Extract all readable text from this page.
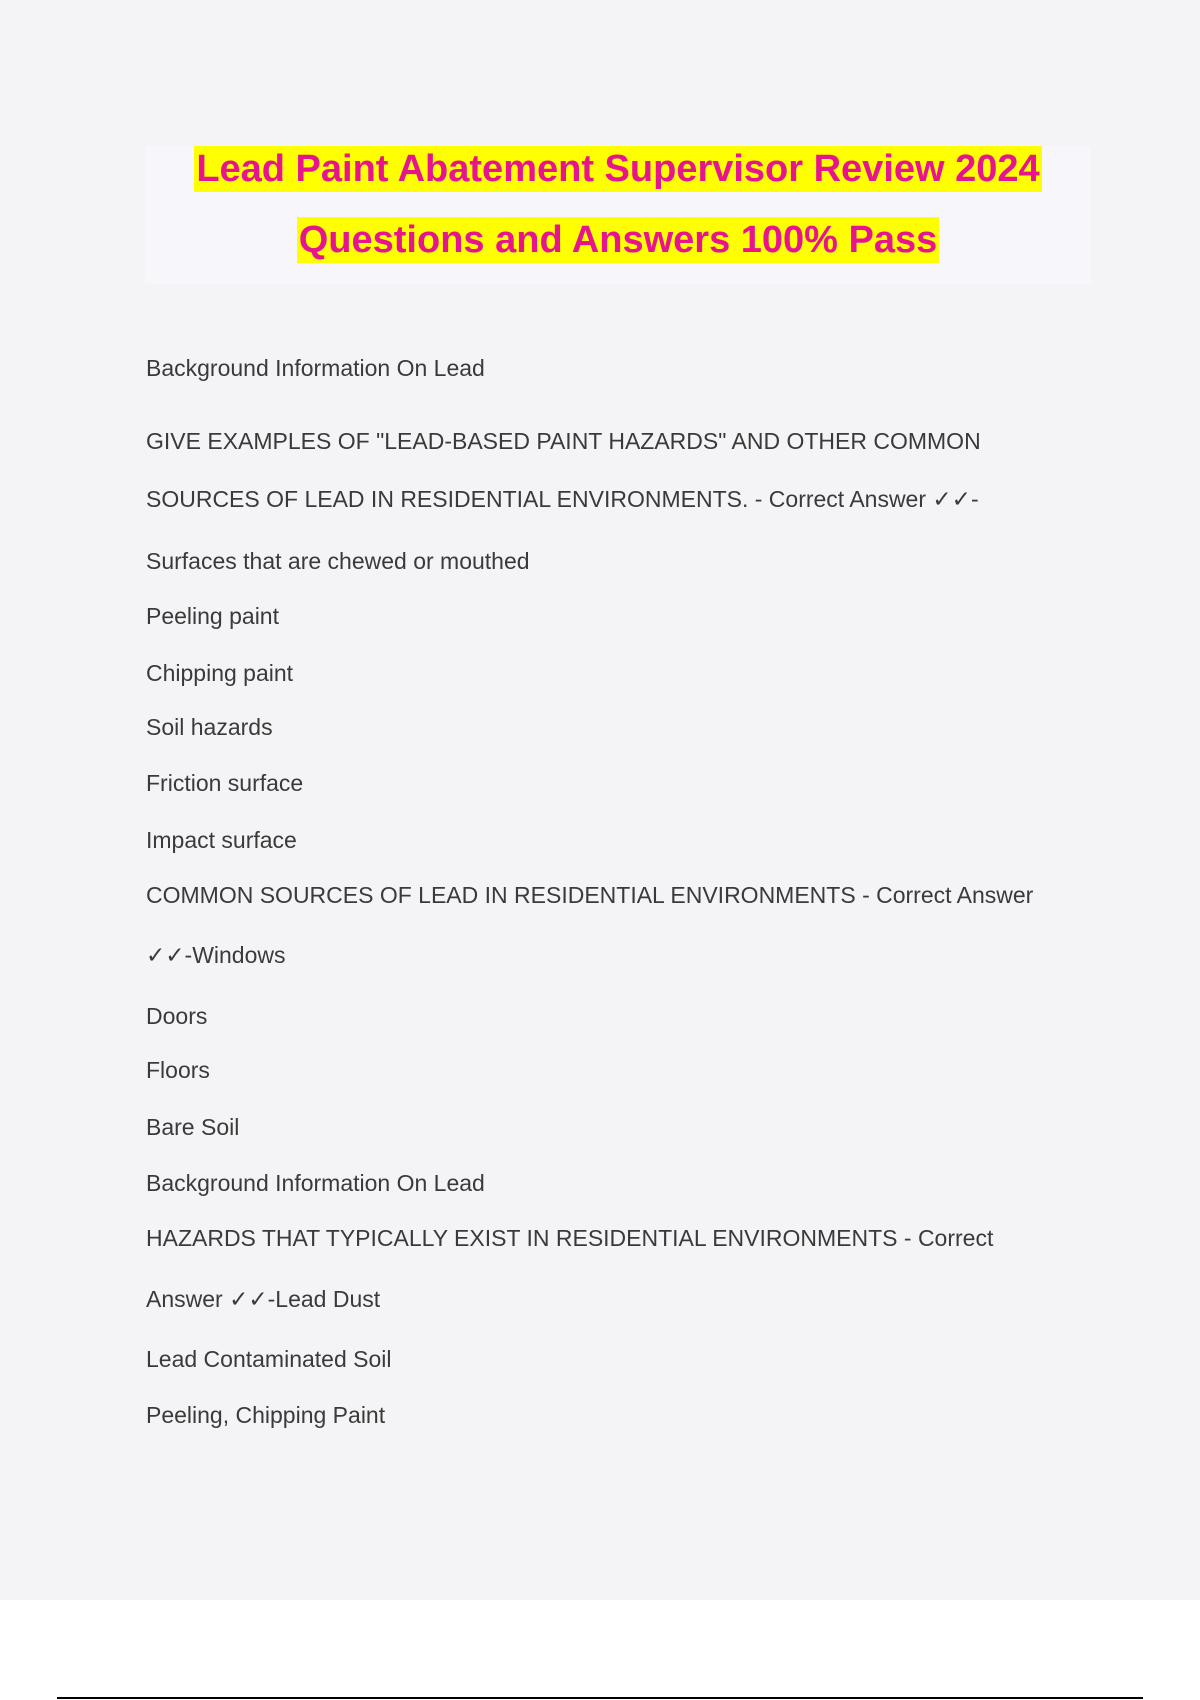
Lead Paint Abatement Supervisor Review 2024
Questions and Answers 100% Pass
Background Information On Lead
GIVE EXAMPLES OF "LEAD-BASED PAINT HAZARDS" AND OTHER COMMON
SOURCES OF LEAD IN RESIDENTIAL ENVIRONMENTS. - Correct Answer ✓✓-
Surfaces that are chewed or mouthed
Peeling paint
Chipping paint
Soil hazards
Friction surface
Impact surface
COMMON SOURCES OF LEAD IN RESIDENTIAL ENVIRONMENTS - Correct Answer
✓✓-Windows
Doors
Floors
Bare Soil
Background Information On Lead
HAZARDS THAT TYPICALLY EXIST IN RESIDENTIAL ENVIRONMENTS - Correct
Answer ✓✓-Lead Dust
Lead Contaminated Soil
Peeling, Chipping Paint
